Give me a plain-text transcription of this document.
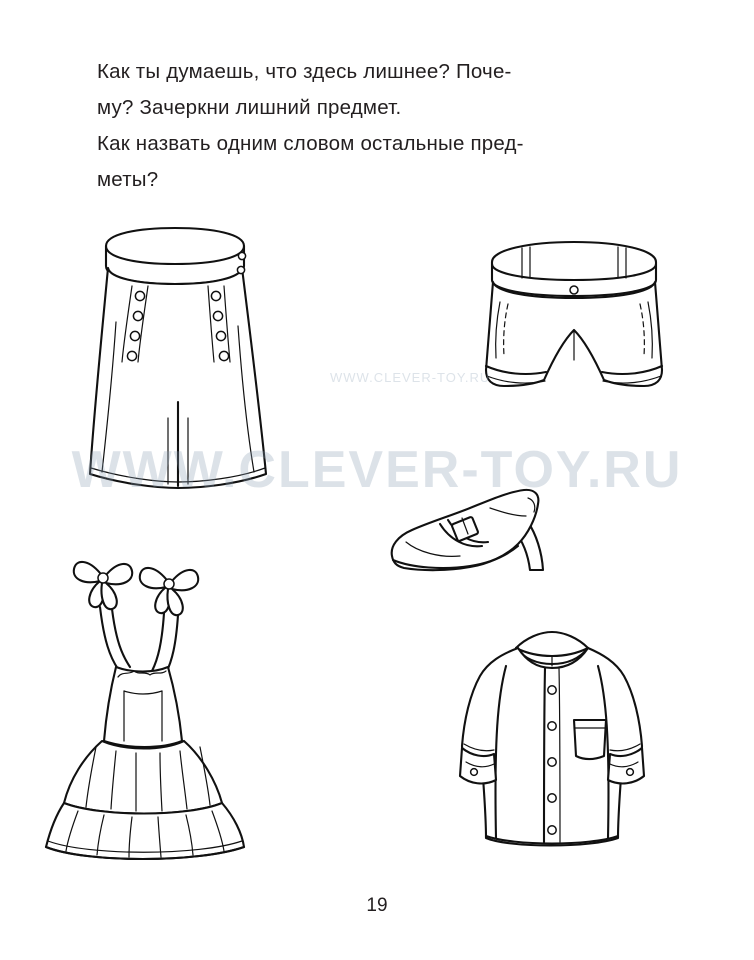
Как ты думаешь, что здесь лишнее? Поче-

му? Зачеркни лишний предмет.

Как назвать одним словом остальные пред-

меты?

WWW.CLEVER-TOY.RU
WWW.CLEVER-TOY.RU
19
